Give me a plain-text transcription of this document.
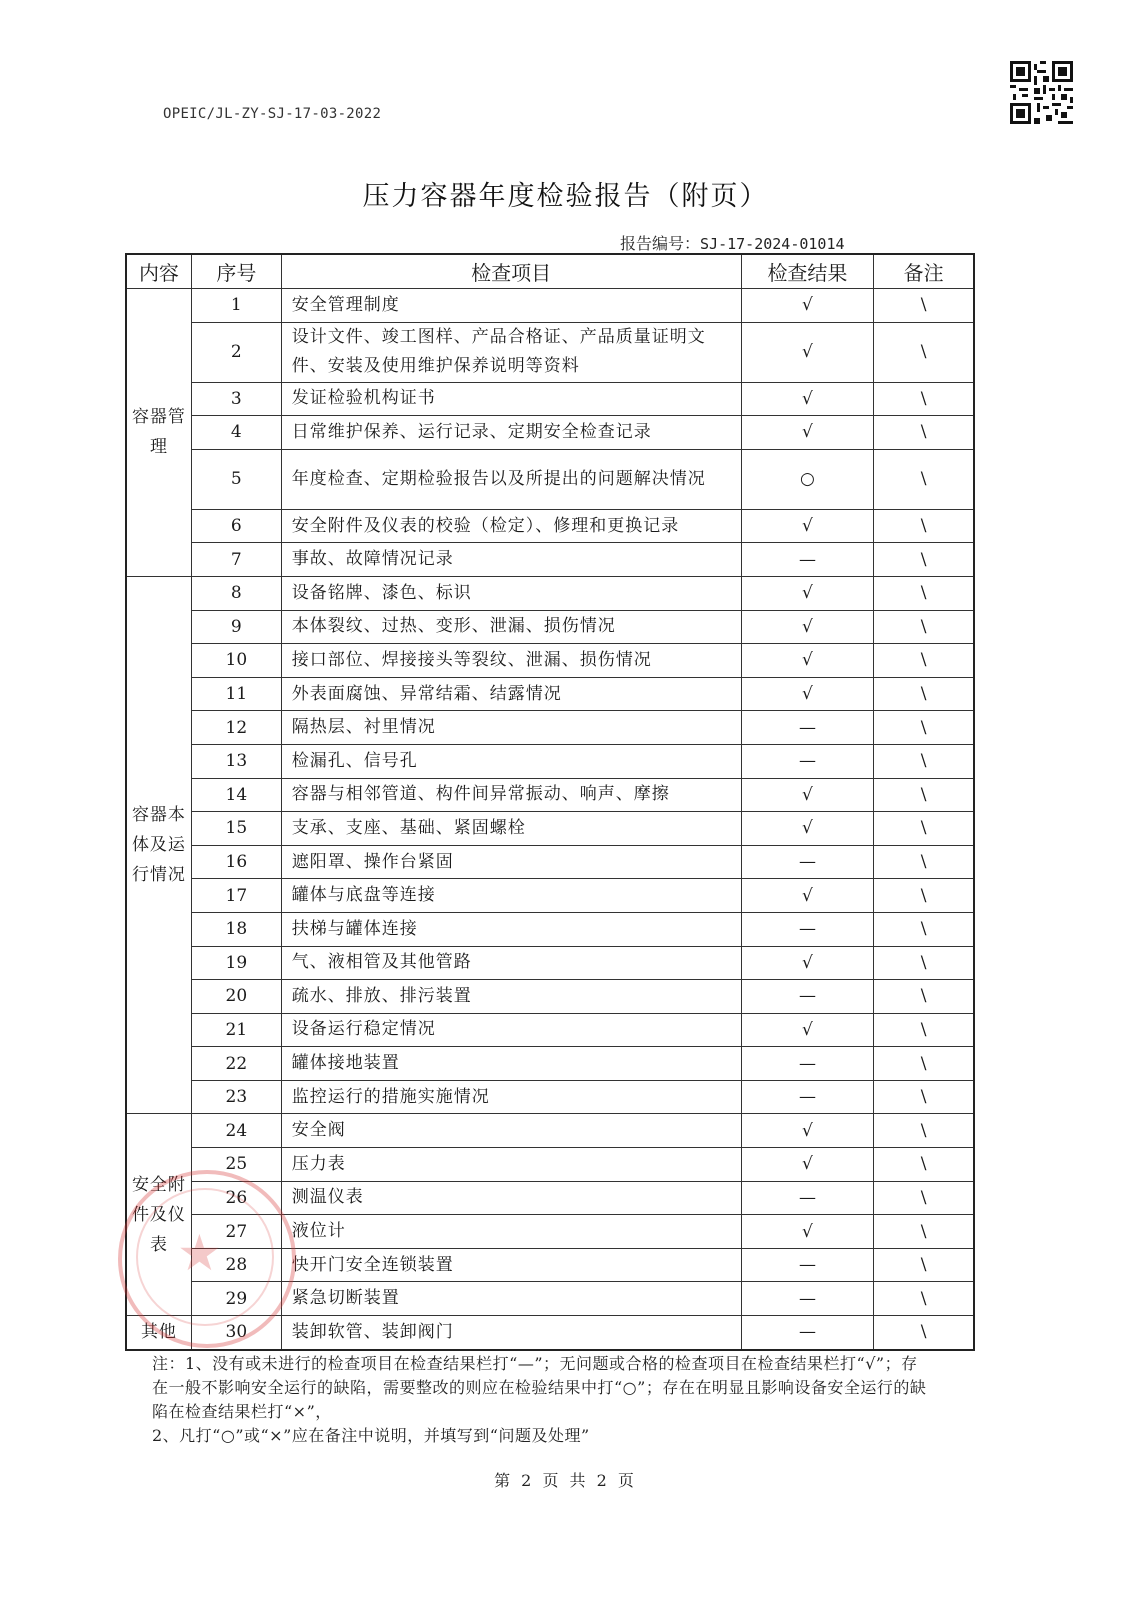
OPEIC/JL-ZY-SJ-17-03-2022
压力容器年度检验报告（附页）
报告编号：SJ-17-2024-01014
内容	序号	检查项目	检查结果	备注
容器管理	1	安全管理制度	√	\
	2	设计文件、竣工图样、产品合格证、产品质量证明文件、安装及使用维护保养说明等资料	√	\
	3	发证检验机构证书	√	\
	4	日常维护保养、运行记录、定期安全检查记录	√	\
	5	年度检查、定期检验报告以及所提出的问题解决情况	○	\
	6	安全附件及仪表的校验（检定）、修理和更换记录	√	\
	7	事故、故障情况记录	—	\
容器本体及运行情况	8	设备铭牌、漆色、标识	√	\
	9	本体裂纹、过热、变形、泄漏、损伤情况	√	\
	10	接口部位、焊接接头等裂纹、泄漏、损伤情况	√	\
	11	外表面腐蚀、异常结霜、结露情况	√	\
	12	隔热层、衬里情况	—	\
	13	检漏孔、信号孔	—	\
	14	容器与相邻管道、构件间异常振动、响声、摩擦	√	\
	15	支承、支座、基础、紧固螺栓	√	\
	16	遮阳罩、操作台紧固	—	\
	17	罐体与底盘等连接	√	\
	18	扶梯与罐体连接	—	\
	19	气、液相管及其他管路	√	\
	20	疏水、排放、排污装置	—	\
	21	设备运行稳定情况	√	\
	22	罐体接地装置	—	\
	23	监控运行的措施实施情况	—	\
安全附件及仪表	24	安全阀	√	\
	25	压力表	√	\
	26	测温仪表	—	\
	27	液位计	√	\
	28	快开门安全连锁装置	—	\
	29	紧急切断装置	—	\
其他	30	装卸软管、装卸阀门	—	\
★

注：1、没有或未进行的检查项目在检查结果栏打“—”；无问题或合格的检查项目在检查结果栏打“√”；存在一般不影响安全运行的缺陷，需要整改的则应在检验结果中打“○”；存在在明显且影响设备安全运行的缺陷在检查结果栏打“×”，

2、凡打“○”或“×”应在备注中说明，并填写到“问题及处理”

第 2 页 共 2 页
